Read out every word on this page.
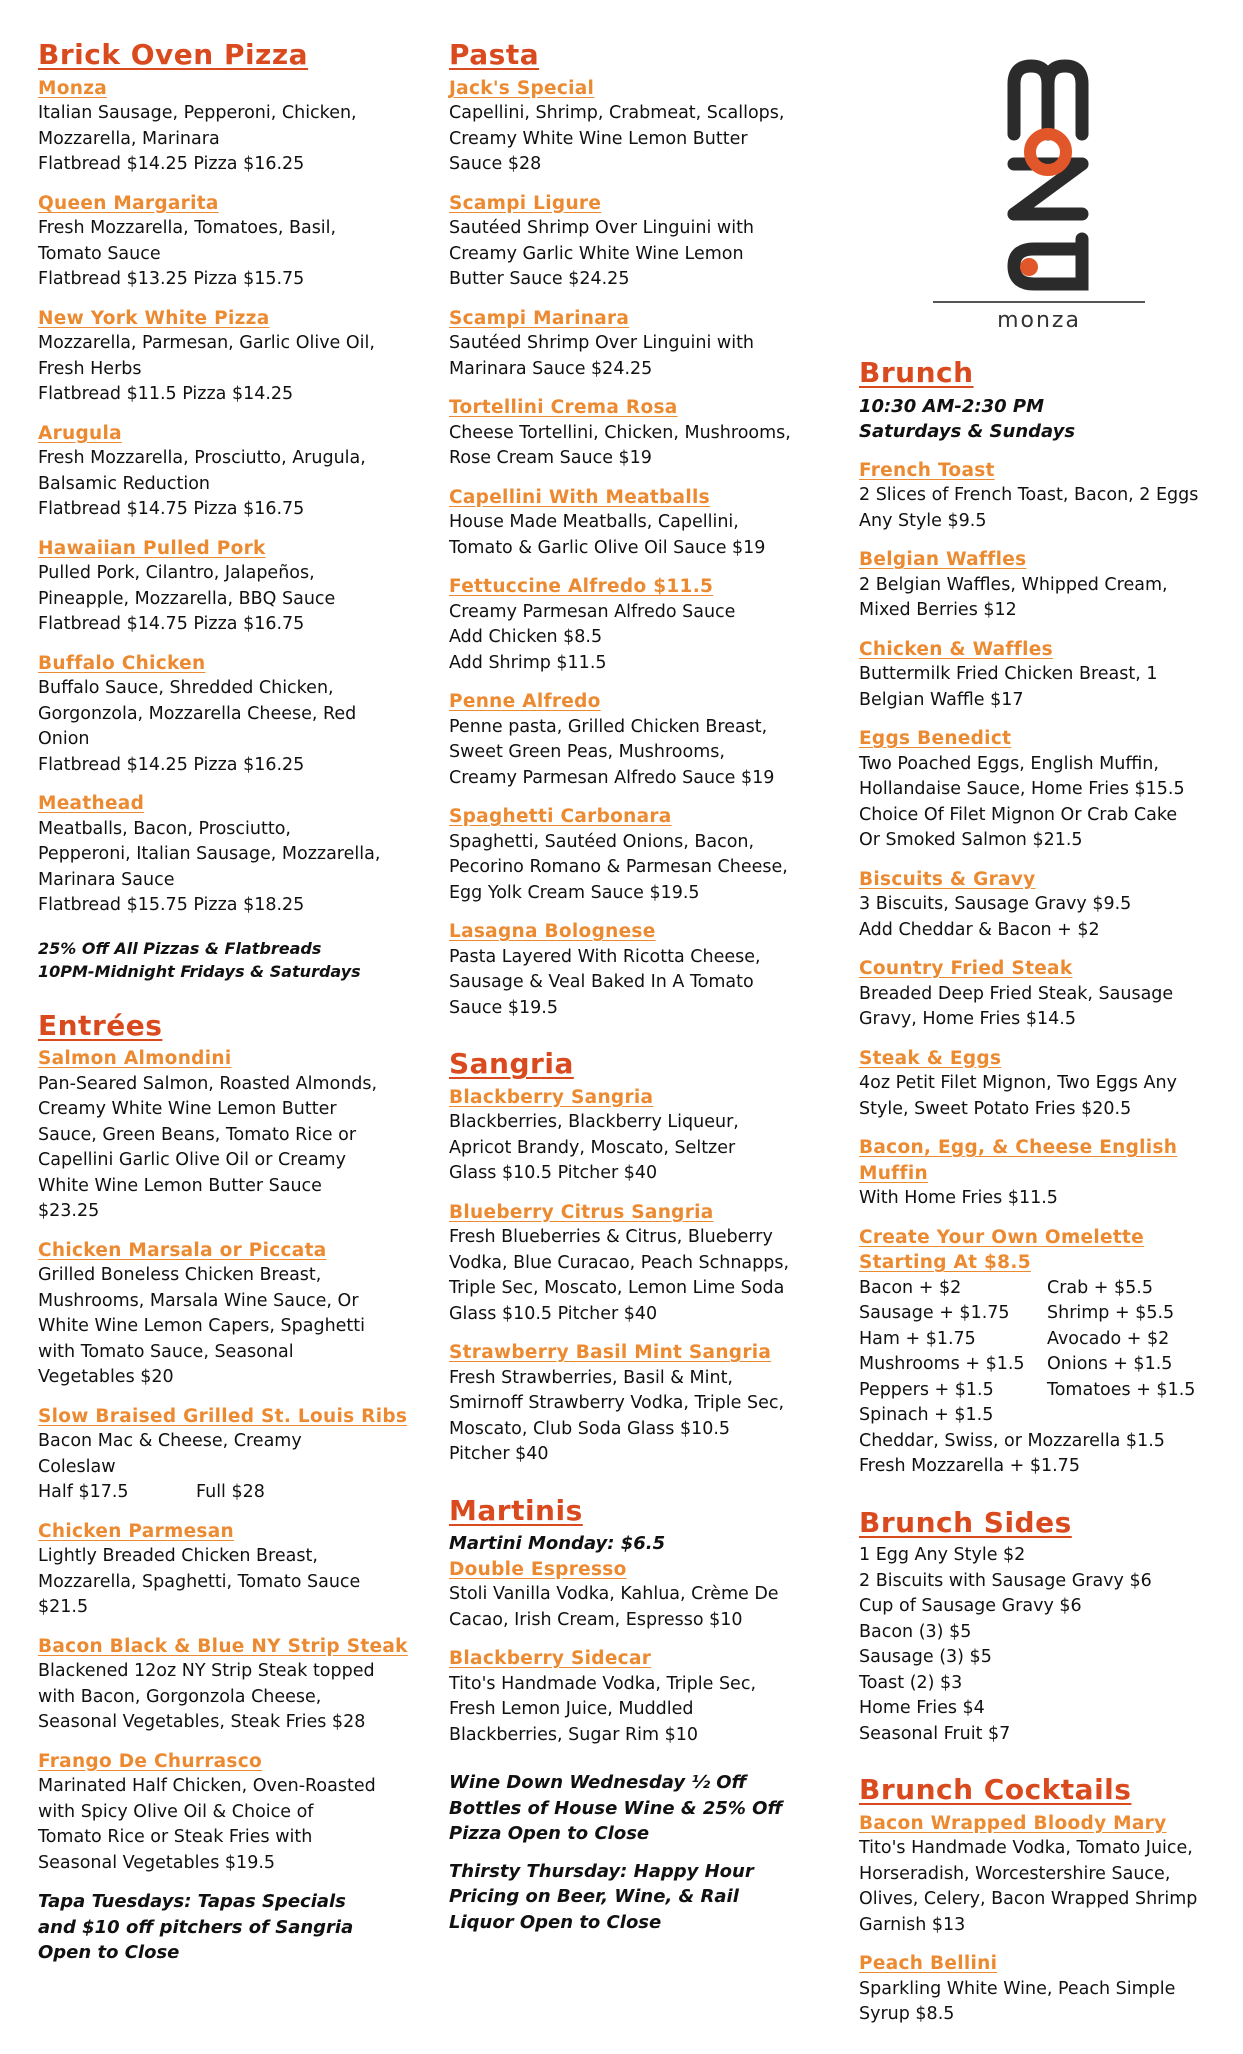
Brick Oven Pizza
Monza
Italian Sausage, Pepperoni, Chicken,
Mozzarella, Marinara
Flatbread $14.25 Pizza $16.25
Queen Margarita
Fresh Mozzarella, Tomatoes, Basil,
Tomato Sauce
Flatbread $13.25 Pizza $15.75
New York White Pizza
Mozzarella, Parmesan, Garlic Olive Oil,
Fresh Herbs
Flatbread $11.5 Pizza $14.25
Arugula
Fresh Mozzarella, Prosciutto, Arugula,
Balsamic Reduction
Flatbread $14.75 Pizza $16.75
Hawaiian Pulled Pork
Pulled Pork, Cilantro, Jalapeños,
Pineapple, Mozzarella, BBQ Sauce
Flatbread $14.75 Pizza $16.75
Buffalo Chicken
Buffalo Sauce, Shredded Chicken,
Gorgonzola, Mozzarella Cheese, Red
Onion
Flatbread $14.25 Pizza $16.25
Meathead
Meatballs, Bacon, Prosciutto,
Pepperoni, Italian Sausage, Mozzarella,
Marinara Sauce
Flatbread $15.75 Pizza $18.25
25% Off All Pizzas & Flatbreads
10PM-Midnight Fridays & Saturdays
Entrées
Salmon Almondini
Pan-Seared Salmon, Roasted Almonds,
Creamy White Wine Lemon Butter
Sauce, Green Beans, Tomato Rice or
Capellini Garlic Olive Oil or Creamy
White Wine Lemon Butter Sauce
$23.25
Chicken Marsala or Piccata
Grilled Boneless Chicken Breast,
Mushrooms, Marsala Wine Sauce, Or
White Wine Lemon Capers, Spaghetti
with Tomato Sauce, Seasonal
Vegetables $20
Slow Braised Grilled St. Louis Ribs
Bacon Mac & Cheese, Creamy
Coleslaw
Half $17.5	Full $28
Chicken Parmesan
Lightly Breaded Chicken Breast,
Mozzarella, Spaghetti, Tomato Sauce
$21.5
Bacon Black & Blue NY Strip Steak
Blackened 12oz NY Strip Steak topped
with Bacon, Gorgonzola Cheese,
Seasonal Vegetables, Steak Fries $28
Frango De Churrasco
Marinated Half Chicken, Oven-Roasted
with Spicy Olive Oil & Choice of
Tomato Rice or Steak Fries with
Seasonal Vegetables $19.5
Tapa Tuesdays: Tapas Specials
and $10 off pitchers of Sangria
Open to Close
Pasta
Jack's Special
Capellini, Shrimp, Crabmeat, Scallops,
Creamy White Wine Lemon Butter
Sauce $28
Scampi Ligure
Sautéed Shrimp Over Linguini with
Creamy Garlic White Wine Lemon
Butter Sauce $24.25
Scampi Marinara
Sautéed Shrimp Over Linguini with
Marinara Sauce $24.25
Tortellini Crema Rosa
Cheese Tortellini, Chicken, Mushrooms,
Rose Cream Sauce $19
Capellini With Meatballs
House Made Meatballs, Capellini,
Tomato & Garlic Olive Oil Sauce $19
Fettuccine Alfredo $11.5
Creamy Parmesan Alfredo Sauce
Add Chicken $8.5
Add Shrimp $11.5
Penne Alfredo
Penne pasta, Grilled Chicken Breast,
Sweet Green Peas, Mushrooms,
Creamy Parmesan Alfredo Sauce $19
Spaghetti Carbonara
Spaghetti, Sautéed Onions, Bacon,
Pecorino Romano & Parmesan Cheese,
Egg Yolk Cream Sauce $19.5
Lasagna Bolognese
Pasta Layered With Ricotta Cheese,
Sausage & Veal Baked In A Tomato
Sauce $19.5
Sangria
Blackberry Sangria
Blackberries, Blackberry Liqueur,
Apricot Brandy, Moscato, Seltzer
Glass $10.5 Pitcher $40
Blueberry Citrus Sangria
Fresh Blueberries & Citrus, Blueberry
Vodka, Blue Curacao, Peach Schnapps,
Triple Sec, Moscato, Lemon Lime Soda
Glass $10.5 Pitcher $40
Strawberry Basil Mint Sangria
Fresh Strawberries, Basil & Mint,
Smirnoff Strawberry Vodka, Triple Sec,
Moscato, Club Soda Glass $10.5
Pitcher $40
Martinis
Martini Monday: $6.5
Double Espresso
Stoli Vanilla Vodka, Kahlua, Crème De
Cacao, Irish Cream, Espresso $10
Blackberry Sidecar
Tito's Handmade Vodka, Triple Sec,
Fresh Lemon Juice, Muddled
Blackberries, Sugar Rim $10
Wine Down Wednesday ½ Off
Bottles of House Wine & 25% Off
Pizza Open to Close
Thirsty Thursday: Happy Hour
Pricing on Beer, Wine, & Rail
Liquor Open to Close
monza
Brunch
10:30 AM-2:30 PM
Saturdays & Sundays
French Toast
2 Slices of French Toast, Bacon, 2 Eggs
Any Style $9.5
Belgian Waffles
2 Belgian Waffles, Whipped Cream,
Mixed Berries $12
Chicken & Waffles
Buttermilk Fried Chicken Breast, 1
Belgian Waffle $17
Eggs Benedict
Two Poached Eggs, English Muffin,
Hollandaise Sauce, Home Fries $15.5
Choice Of Filet Mignon Or Crab Cake
Or Smoked Salmon $21.5
Biscuits & Gravy
3 Biscuits, Sausage Gravy $9.5
Add Cheddar & Bacon + $2
Country Fried Steak
Breaded Deep Fried Steak, Sausage
Gravy, Home Fries $14.5
Steak & Eggs
4oz Petit Filet Mignon, Two Eggs Any
Style, Sweet Potato Fries $20.5
Bacon, Egg, & Cheese English Muffin
With Home Fries $11.5
Create Your Own Omelette Starting At $8.5
Bacon + $2
Sausage + $1.75
Ham + $1.75
Mushrooms + $1.5
Peppers + $1.5
Crab + $5.5
Shrimp + $5.5
Avocado + $2
Onions + $1.5
Tomatoes + $1.5
Spinach + $1.5
Cheddar, Swiss, or Mozzarella $1.5
Fresh Mozzarella + $1.75
Brunch Sides
1 Egg Any Style $2
2 Biscuits with Sausage Gravy $6
Cup of Sausage Gravy $6
Bacon (3) $5
Sausage (3) $5
Toast (2) $3
Home Fries $4
Seasonal Fruit $7
Brunch Cocktails
Bacon Wrapped Bloody Mary
Tito's Handmade Vodka, Tomato Juice,
Horseradish, Worcestershire Sauce,
Olives, Celery, Bacon Wrapped Shrimp
Garnish $13
Peach Bellini
Sparkling White Wine, Peach Simple
Syrup $8.5
